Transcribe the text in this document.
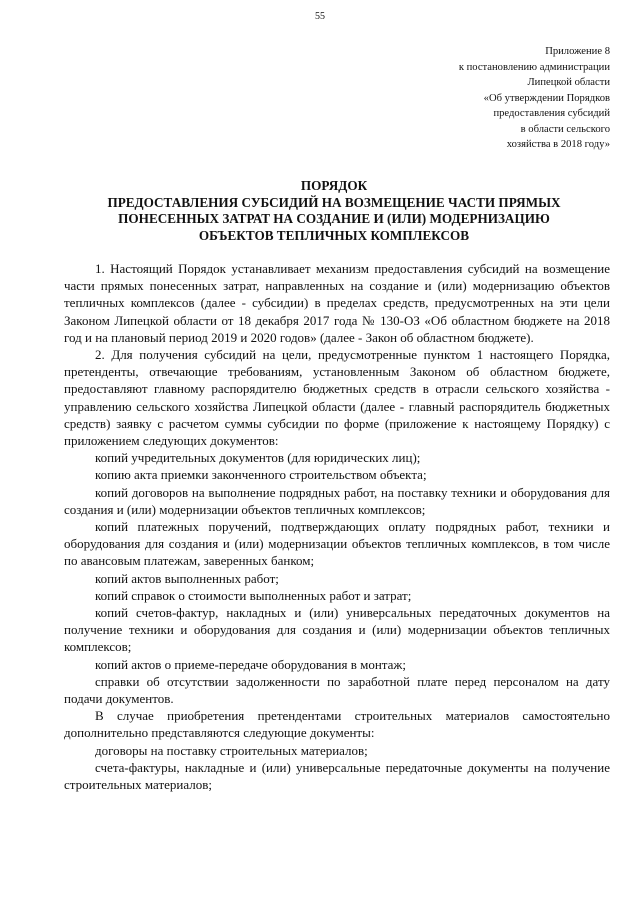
55
Приложение 8
к постановлению администрации
Липецкой области
«Об утверждении Порядков
предоставления субсидий
в области сельского
хозяйства в 2018 году»
ПОРЯДОК
ПРЕДОСТАВЛЕНИЯ СУБСИДИЙ НА ВОЗМЕЩЕНИЕ ЧАСТИ ПРЯМЫХ
ПОНЕСЕННЫХ ЗАТРАТ НА СОЗДАНИЕ И (ИЛИ) МОДЕРНИЗАЦИЮ
ОБЪЕКТОВ ТЕПЛИЧНЫХ КОМПЛЕКСОВ

1. Настоящий Порядок устанавливает механизм предоставления субсидий на возмещение части прямых понесенных затрат, направленных на создание и (или) модернизацию объектов тепличных комплексов (далее - субсидии) в пределах средств, предусмотренных на эти цели Законом Липецкой области от 18 декабря 2017 года № 130-ОЗ «Об областном бюджете на 2018 год и на плановый период 2019 и 2020 годов» (далее - Закон об областном бюджете).

2. Для получения субсидий на цели, предусмотренные пунктом 1 настоящего Порядка, претенденты, отвечающие требованиям, установленным Законом об областном бюджете, предоставляют главному распорядителю бюджетных средств в отрасли сельского хозяйства - управлению сельского хозяйства Липецкой области (далее - главный распорядитель бюджетных средств) заявку с расчетом суммы субсидии по форме (приложение к настоящему Порядку) с приложением следующих документов:

копий учредительных документов (для юридических лиц);

копию акта приемки законченного строительством объекта;

копий договоров на выполнение подрядных работ, на поставку техники и оборудования для создания и (или) модернизации объектов тепличных комплексов;

копий платежных поручений, подтверждающих оплату подрядных работ, техники и оборудования для создания и (или) модернизации объектов тепличных комплексов, в том числе по авансовым платежам, заверенных банком;

копий актов выполненных работ;

копий справок о стоимости выполненных работ и затрат;

копий счетов-фактур, накладных и (или) универсальных передаточных документов на получение техники и оборудования для создания и (или) модернизации объектов тепличных комплексов;

копий актов о приеме-передаче оборудования в монтаж;

справки об отсутствии задолженности по заработной плате перед персоналом на дату подачи документов.

В случае приобретения претендентами строительных материалов самостоятельно дополнительно представляются следующие документы:

договоры на поставку строительных материалов;

счета-фактуры, накладные и (или) универсальные передаточные документы на получение строительных материалов;
